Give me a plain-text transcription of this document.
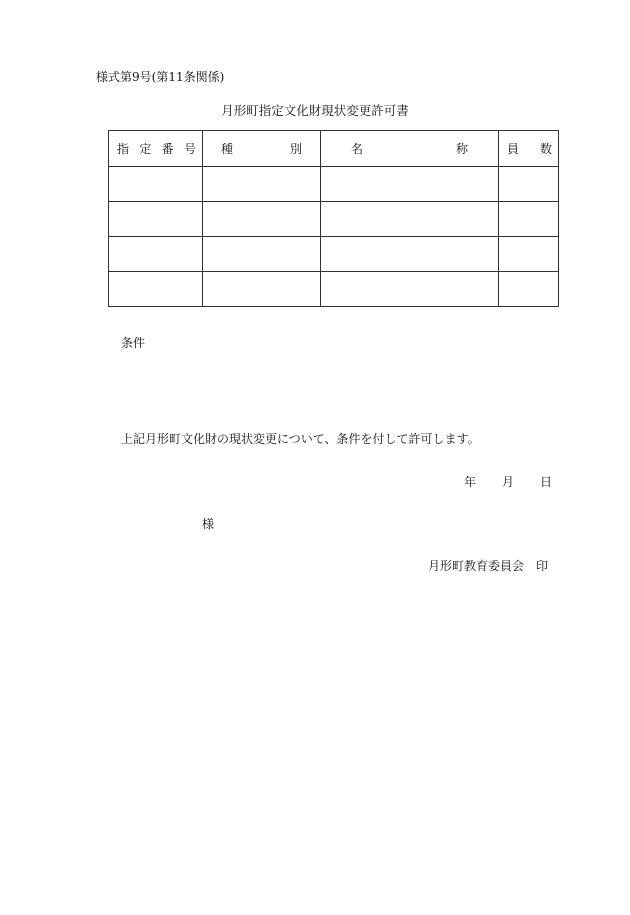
様式第9号(第11条関係)
月形町指定文化財現状変更許可書
指 定 番 号	種 別	名 称	員 数

条件
上記月形町文化財の現状変更について、条件を付して許可します。
年 月 日
様
月形町教育委員会 印
